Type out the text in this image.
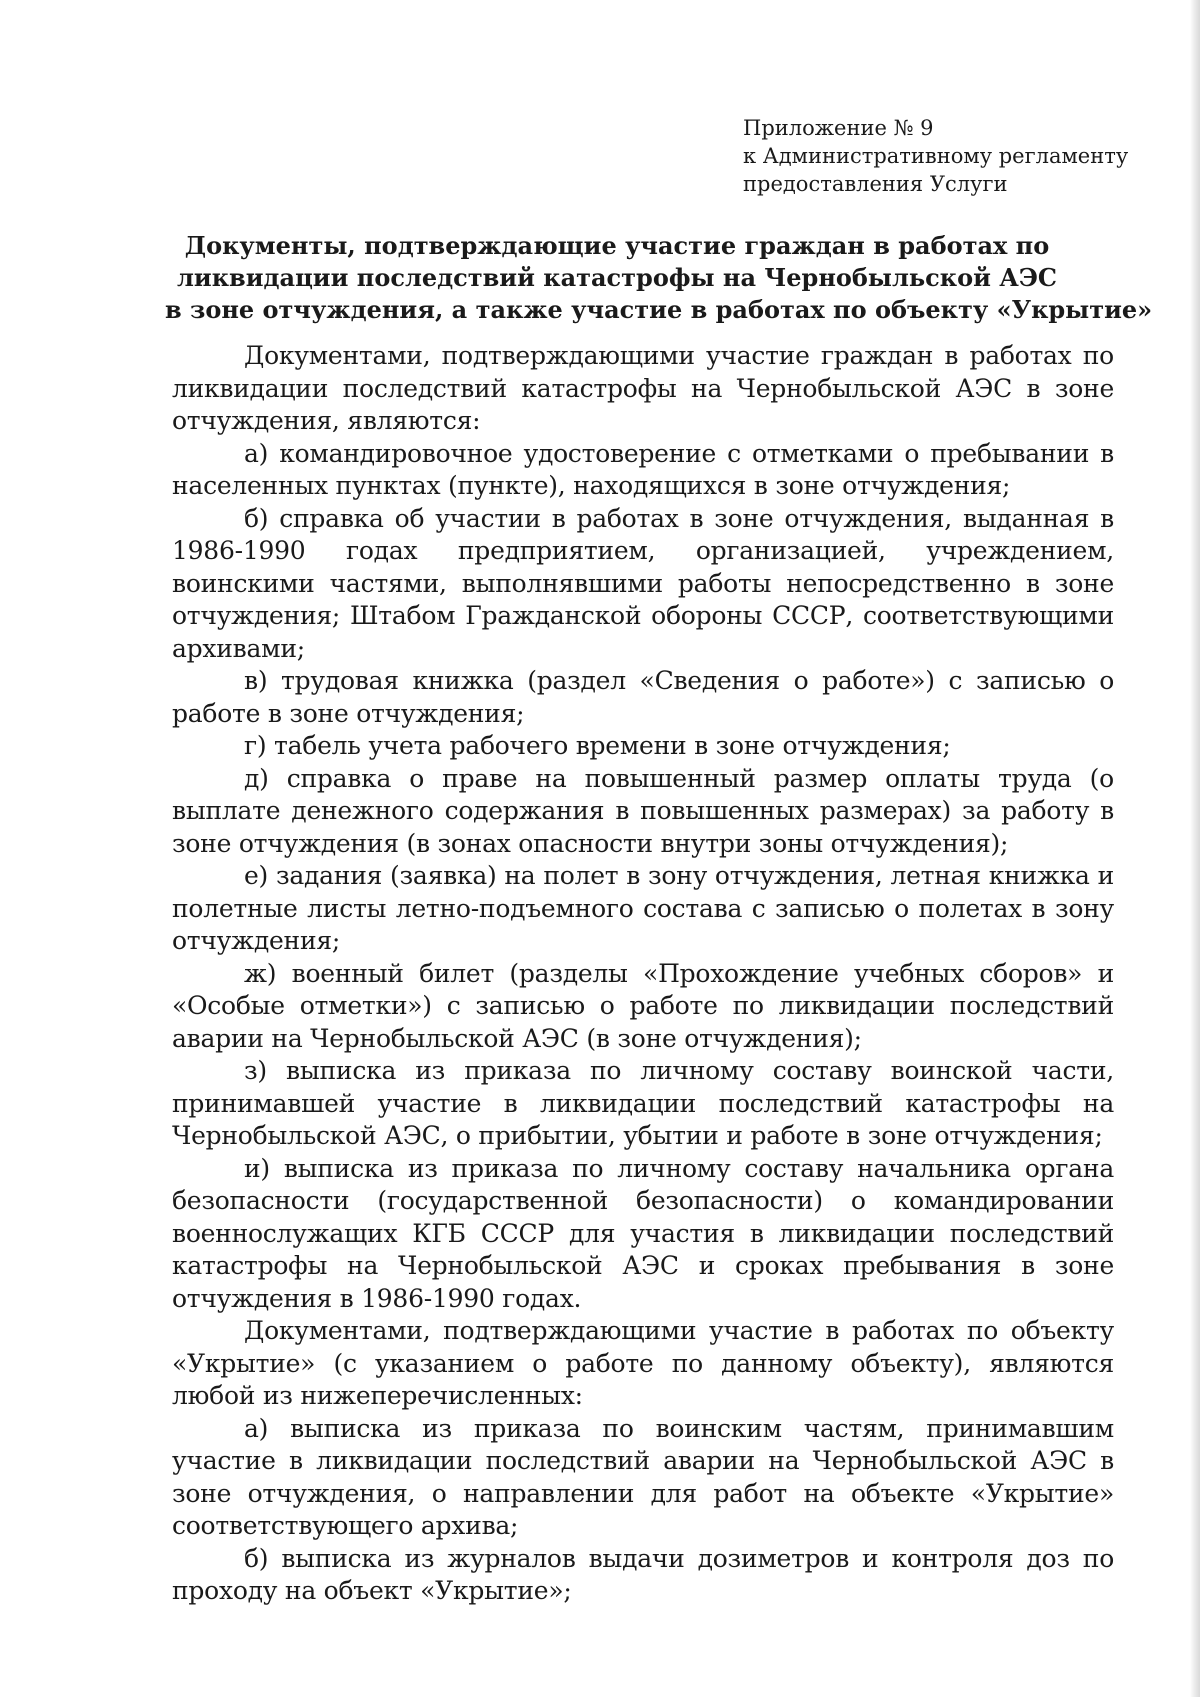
Приложение № 9
к Административному регламенту
предоставления Услуги
Документы, подтверждающие участие граждан в работах по
ликвидации последствий катастрофы на Чернобыльской АЭС
в зоне отчуждения, а также участие в работах по объекту «Укрытие»

Документами, подтверждающими участие граждан в работах по ликвидации последствий катастрофы на Чернобыльской АЭС в зоне отчуждения, являются:

а) командировочное удостоверение с отметками о пребывании в населенных пунктах (пункте), находящихся в зоне отчуждения;

б) справка об участии в работах в зоне отчуждения, выданная в 1986-1990 годах предприятием, организацией, учреждением, воинскими частями, выполнявшими работы непосредственно в зоне отчуждения; Штабом Гражданской обороны СССР, соответствующими архивами;

в) трудовая книжка (раздел «Сведения о работе») с записью о работе в зоне отчуждения;

г) табель учета рабочего времени в зоне отчуждения;

д) справка о праве на повышенный размер оплаты труда (о выплате денежного содержания в повышенных размерах) за работу в зоне отчуждения (в зонах опасности внутри зоны отчуждения);

е) задания (заявка) на полет в зону отчуждения, летная книжка и полетные листы летно-подъемного состава с записью о полетах в зону отчуждения;

ж) военный билет (разделы «Прохождение учебных сборов» и «Особые отметки») с записью о работе по ликвидации последствий аварии на Чернобыльской АЭС (в зоне отчуждения);

з) выписка из приказа по личному составу воинской части, принимавшей участие в ликвидации последствий катастрофы на Чернобыльской АЭС, о прибытии, убытии и работе в зоне отчуждения;

и) выписка из приказа по личному составу начальника органа безопасности (государственной безопасности) о командировании военнослужащих КГБ СССР для участия в ликвидации последствий катастрофы на Чернобыльской АЭС и сроках пребывания в зоне отчуждения в 1986-1990 годах.

Документами, подтверждающими участие в работах по объекту «Укрытие» (с указанием о работе по данному объекту), являются любой из нижеперечисленных:

а) выписка из приказа по воинским частям, принимавшим участие в ликвидации последствий аварии на Чернобыльской АЭС в зоне отчуждения, о направлении для работ на объекте «Укрытие» соответствующего архива;

б) выписка из журналов выдачи дозиметров и контроля доз по проходу на объект «Укрытие»;
